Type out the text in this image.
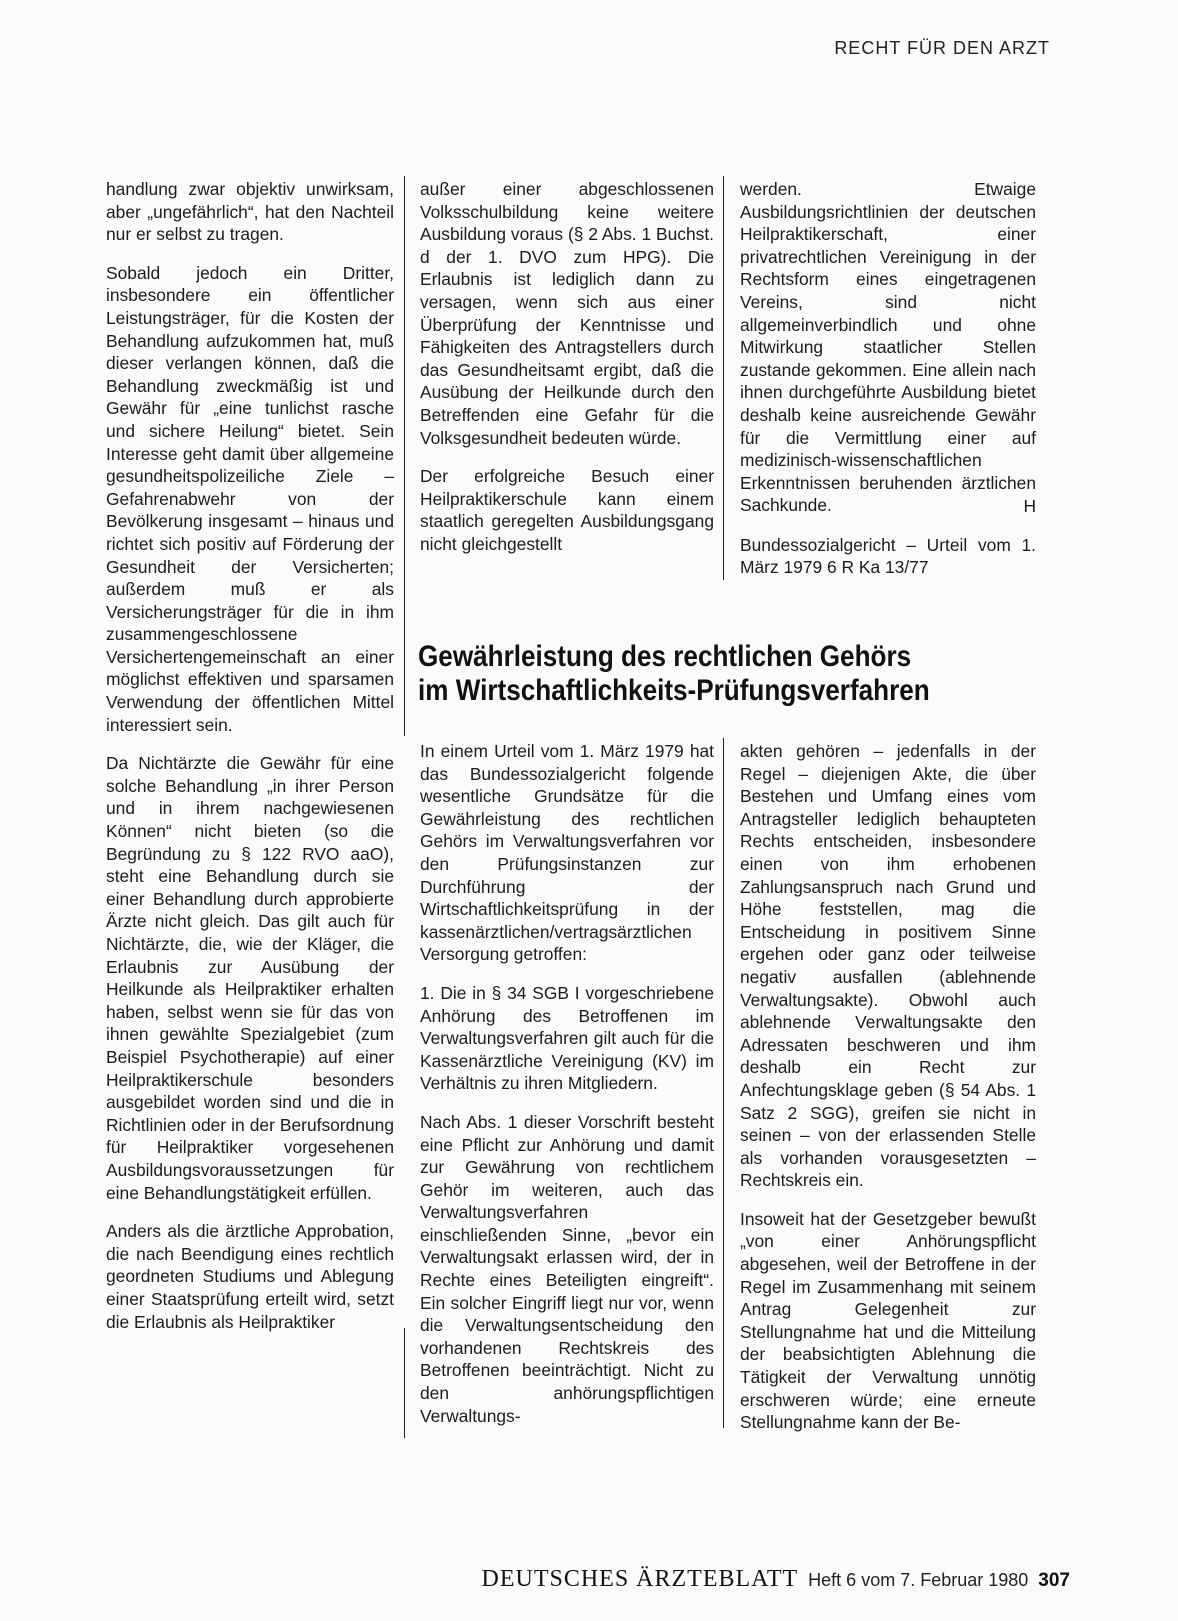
RECHT FÜR DEN ARZT

handlung zwar objektiv unwirksam, aber „ungefährlich“, hat den Nachteil nur er selbst zu tragen.

Sobald jedoch ein Dritter, insbesondere ein öffentlicher Leistungsträger, für die Kosten der Behandlung aufzukommen hat, muß dieser verlangen können, daß die Behandlung zweckmäßig ist und Gewähr für „eine tunlichst rasche und sichere Heilung“ bietet. Sein Interesse geht damit über allgemeine gesundheitspolizeiliche Ziele – Gefahrenabwehr von der Bevölkerung insgesamt – hinaus und richtet sich positiv auf Förderung der Gesundheit der Versicherten; außerdem muß er als Versicherungsträger für die in ihm zusammengeschlossene Versichertengemeinschaft an einer möglichst effektiven und sparsamen Verwendung der öffentlichen Mittel interessiert sein.

Da Nichtärzte die Gewähr für eine solche Behandlung „in ihrer Person und in ihrem nachgewiesenen Können“ nicht bieten (so die Begründung zu § 122 RVO aaO), steht eine Behandlung durch sie einer Behandlung durch approbierte Ärzte nicht gleich. Das gilt auch für Nichtärzte, die, wie der Kläger, die Erlaubnis zur Ausübung der Heilkunde als Heilpraktiker erhalten haben, selbst wenn sie für das von ihnen gewählte Spezialgebiet (zum Beispiel Psychotherapie) auf einer Heilpraktikerschule besonders ausgebildet worden sind und die in Richtlinien oder in der Berufsordnung für Heilpraktiker vorgesehenen Ausbildungsvoraussetzungen für eine Behandlungstätigkeit erfüllen.

Anders als die ärztliche Approbation, die nach Beendigung eines rechtlich geordneten Studiums und Ablegung einer Staatsprüfung erteilt wird, setzt die Erlaubnis als Heilpraktiker

außer einer abgeschlossenen Volksschulbildung keine weitere Ausbildung voraus (§ 2 Abs. 1 Buchst. d der 1. DVO zum HPG). Die Erlaubnis ist lediglich dann zu versagen, wenn sich aus einer Überprüfung der Kenntnisse und Fähigkeiten des Antragstellers durch das Gesundheitsamt ergibt, daß die Ausübung der Heilkunde durch den Betreffenden eine Gefahr für die Volksgesundheit bedeuten würde.

Der erfolgreiche Besuch einer Heilpraktikerschule kann einem staatlich geregelten Ausbildungsgang nicht gleichgestellt

werden. Etwaige Ausbildungsrichtlinien der deutschen Heilpraktikerschaft, einer privatrechtlichen Vereinigung in der Rechtsform eines eingetragenen Vereins, sind nicht allgemeinverbindlich und ohne Mitwirkung staatlicher Stellen zustande gekommen. Eine allein nach ihnen durchgeführte Ausbildung bietet deshalb keine ausreichende Gewähr für die Vermittlung einer auf medizinisch-wissenschaftlichen Erkenntnissen beruhenden ärztlichen Sachkunde.	H

Bundessozialgericht – Urteil vom 1. März 1979 6 R Ka 13/77

Gewährleistung des rechtlichen Gehörs
im Wirtschaftlichkeits-Prüfungsverfahren

In einem Urteil vom 1. März 1979 hat das Bundessozialgericht folgende wesentliche Grundsätze für die Gewährleistung des rechtlichen Gehörs im Verwaltungsverfahren vor den Prüfungsinstanzen zur Durchführung der Wirtschaftlichkeitsprüfung in der kassenärztlichen/vertragsärztlichen Versorgung getroffen:

1. Die in § 34 SGB I vorgeschriebene Anhörung des Betroffenen im Verwaltungsverfahren gilt auch für die Kassenärztliche Vereinigung (KV) im Verhältnis zu ihren Mitgliedern.

Nach Abs. 1 dieser Vorschrift besteht eine Pflicht zur Anhörung und damit zur Gewährung von rechtlichem Gehör im weiteren, auch das Verwaltungsverfahren einschließenden Sinne, „bevor ein Verwaltungsakt erlassen wird, der in Rechte eines Beteiligten eingreift“. Ein solcher Eingriff liegt nur vor, wenn die Verwaltungsentscheidung den vorhandenen Rechtskreis des Betroffenen beeinträchtigt. Nicht zu den anhörungspflichtigen Verwaltungs-

akten gehören – jedenfalls in der Regel – diejenigen Akte, die über Bestehen und Umfang eines vom Antragsteller lediglich behaupteten Rechts entscheiden, insbesondere einen von ihm erhobenen Zahlungsanspruch nach Grund und Höhe feststellen, mag die Entscheidung in positivem Sinne ergehen oder ganz oder teilweise negativ ausfallen (ablehnende Verwaltungsakte). Obwohl auch ablehnende Verwaltungsakte den Adressaten beschweren und ihm deshalb ein Recht zur Anfechtungsklage geben (§ 54 Abs. 1 Satz 2 SGG), greifen sie nicht in seinen – von der erlassenden Stelle als vorhanden vorausgesetzten – Rechtskreis ein.

Insoweit hat der Gesetzgeber bewußt „von einer Anhörungspflicht abgesehen, weil der Betroffene in der Regel im Zusammenhang mit seinem Antrag Gelegenheit zur Stellungnahme hat und die Mitteilung der beabsichtigten Ablehnung die Tätigkeit der Verwaltung unnötig erschweren würde; eine erneute Stellungnahme kann der Be-

DEUTSCHES ÄRZTEBLATT Heft 6 vom 7. Februar 1980 307
